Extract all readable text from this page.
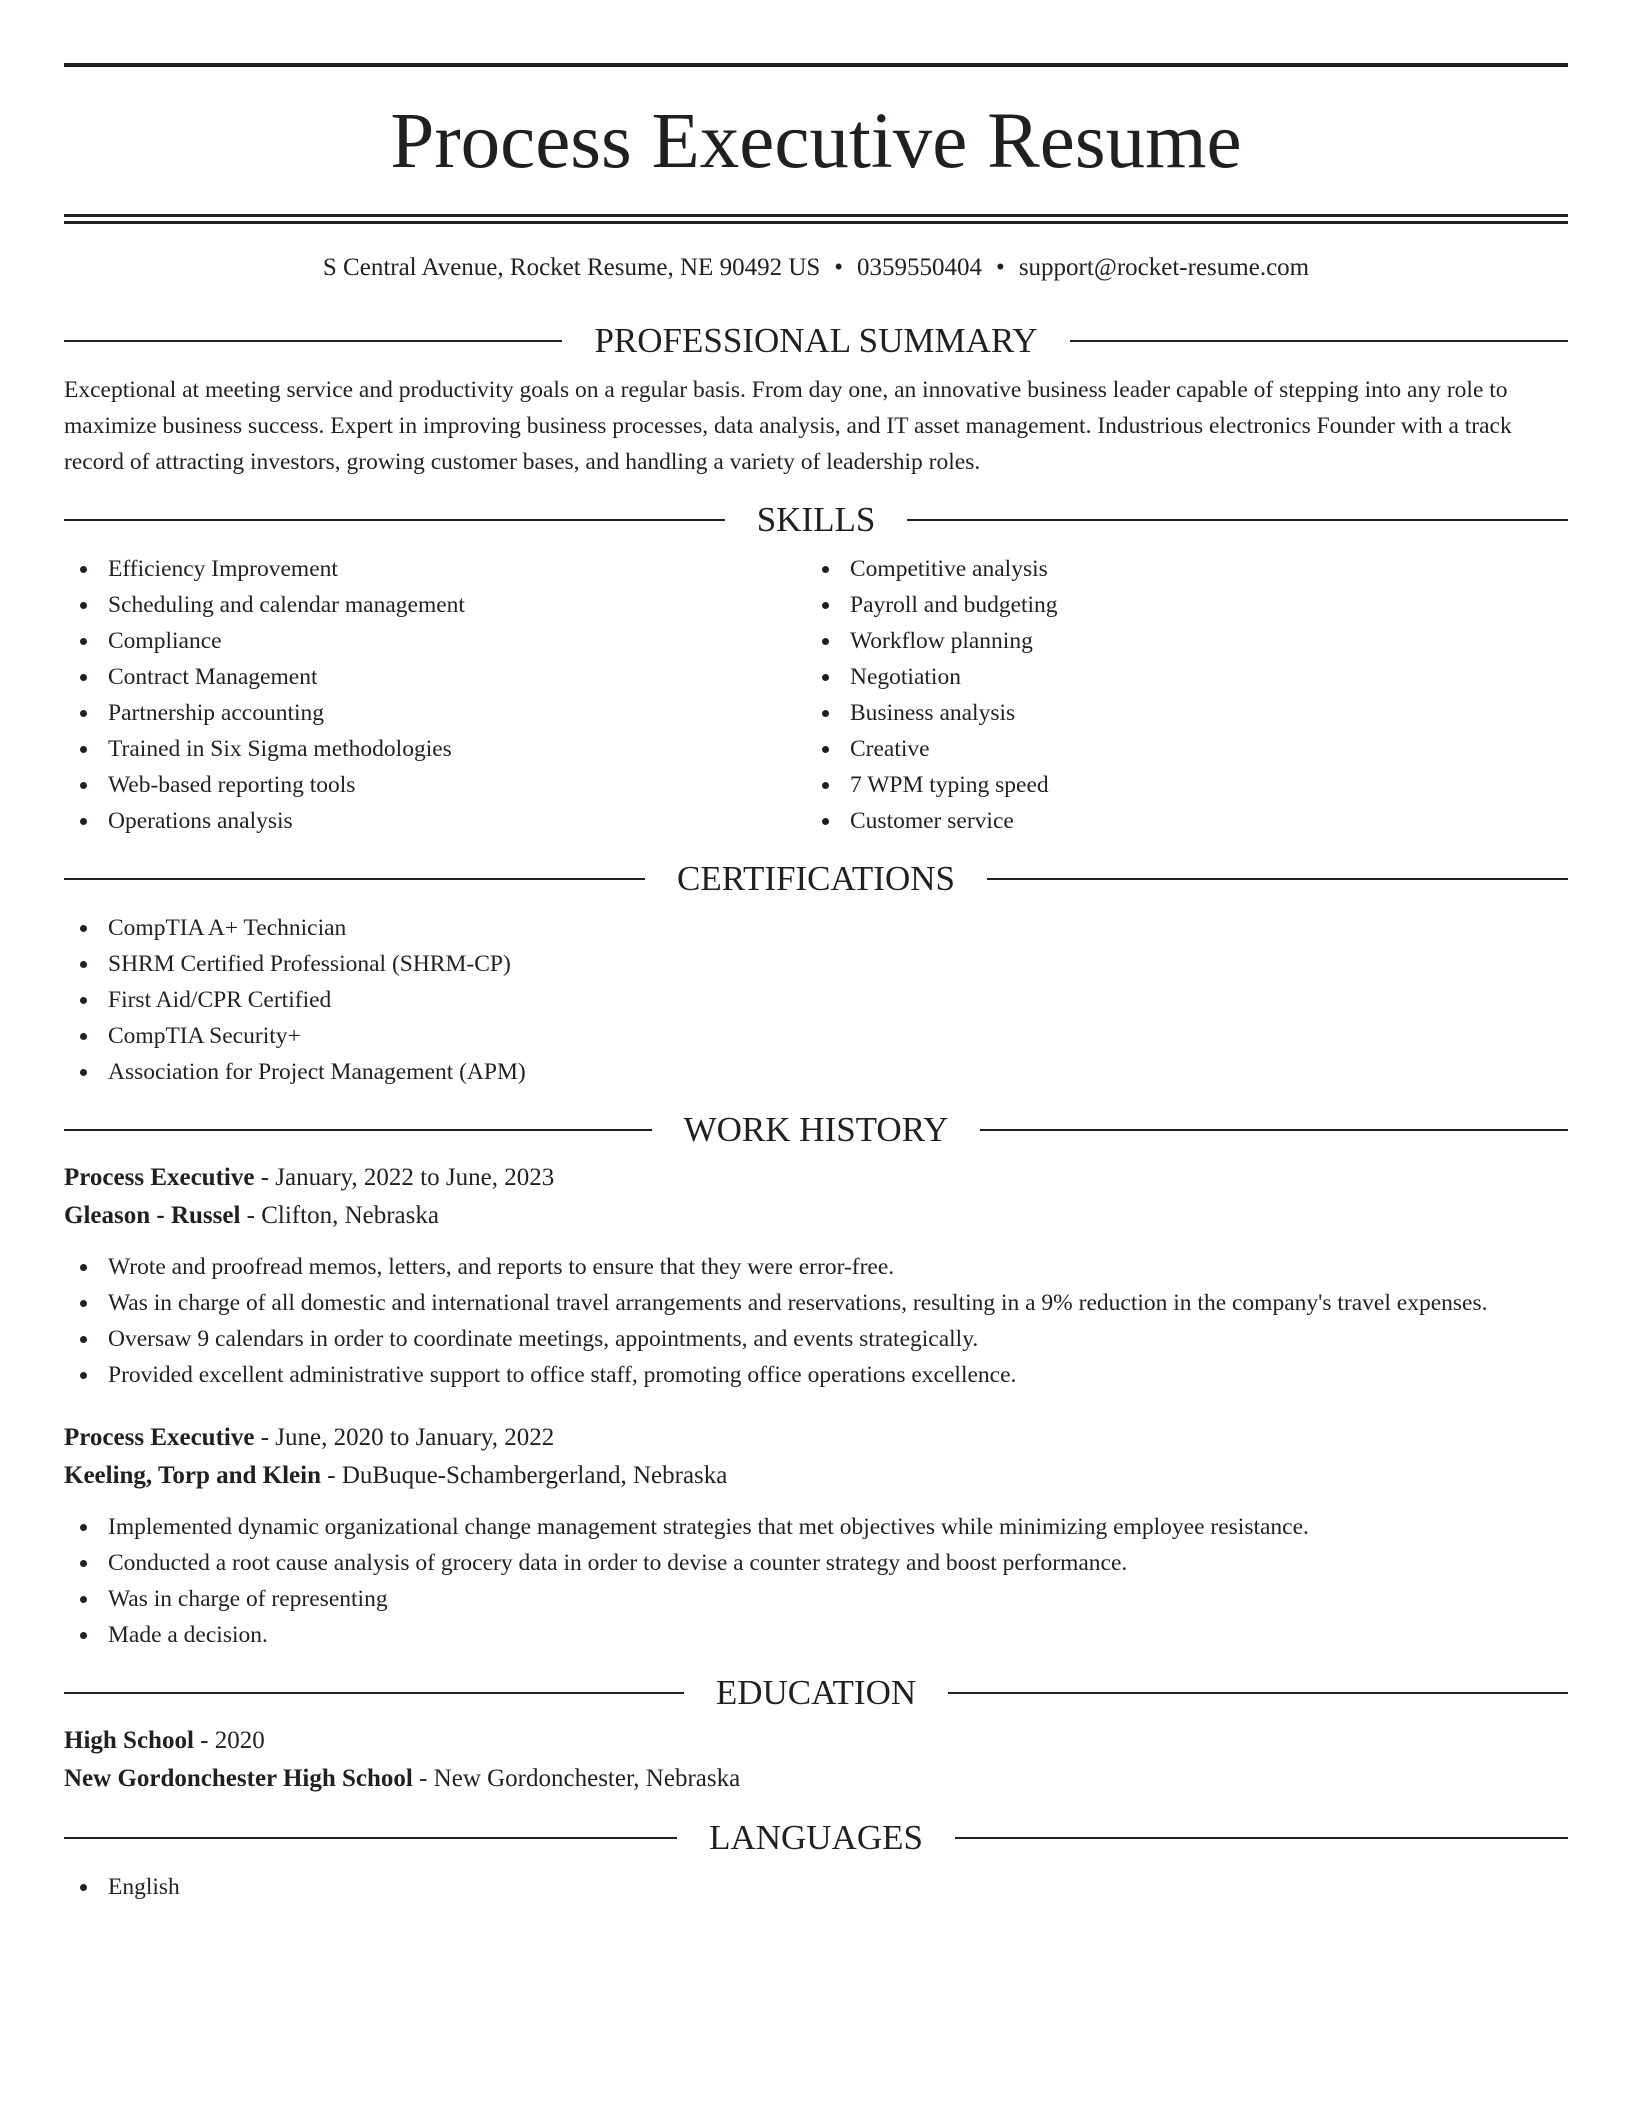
Process Executive Resume
S Central Avenue, Rocket Resume, NE 90492 US • 0359550404 • support@rocket-resume.com
PROFESSIONAL SUMMARY
Exceptional at meeting service and productivity goals on a regular basis. From day one, an innovative business leader capable of stepping into any role to maximize business success. Expert in improving business processes, data analysis, and IT asset management. Industrious electronics Founder with a track record of attracting investors, growing customer bases, and handling a variety of leadership roles.
SKILLS
Efficiency Improvement
Scheduling and calendar management
Compliance
Contract Management
Partnership accounting
Trained in Six Sigma methodologies
Web-based reporting tools
Operations analysis
Competitive analysis
Payroll and budgeting
Workflow planning
Negotiation
Business analysis
Creative
7 WPM typing speed
Customer service
CERTIFICATIONS
CompTIA A+ Technician
SHRM Certified Professional (SHRM-CP)
First Aid/CPR Certified
CompTIA Security+
Association for Project Management (APM)
WORK HISTORY
Process Executive - January, 2022 to June, 2023
Gleason - Russel - Clifton, Nebraska
Wrote and proofread memos, letters, and reports to ensure that they were error-free.
Was in charge of all domestic and international travel arrangements and reservations, resulting in a 9% reduction in the company's travel expenses.
Oversaw 9 calendars in order to coordinate meetings, appointments, and events strategically.
Provided excellent administrative support to office staff, promoting office operations excellence.
Process Executive - June, 2020 to January, 2022
Keeling, Torp and Klein - DuBuque-Schambergerland, Nebraska
Implemented dynamic organizational change management strategies that met objectives while minimizing employee resistance.
Conducted a root cause analysis of grocery data in order to devise a counter strategy and boost performance.
Was in charge of representing
Made a decision.
EDUCATION
High School - 2020
New Gordonchester High School - New Gordonchester, Nebraska
LANGUAGES
English
